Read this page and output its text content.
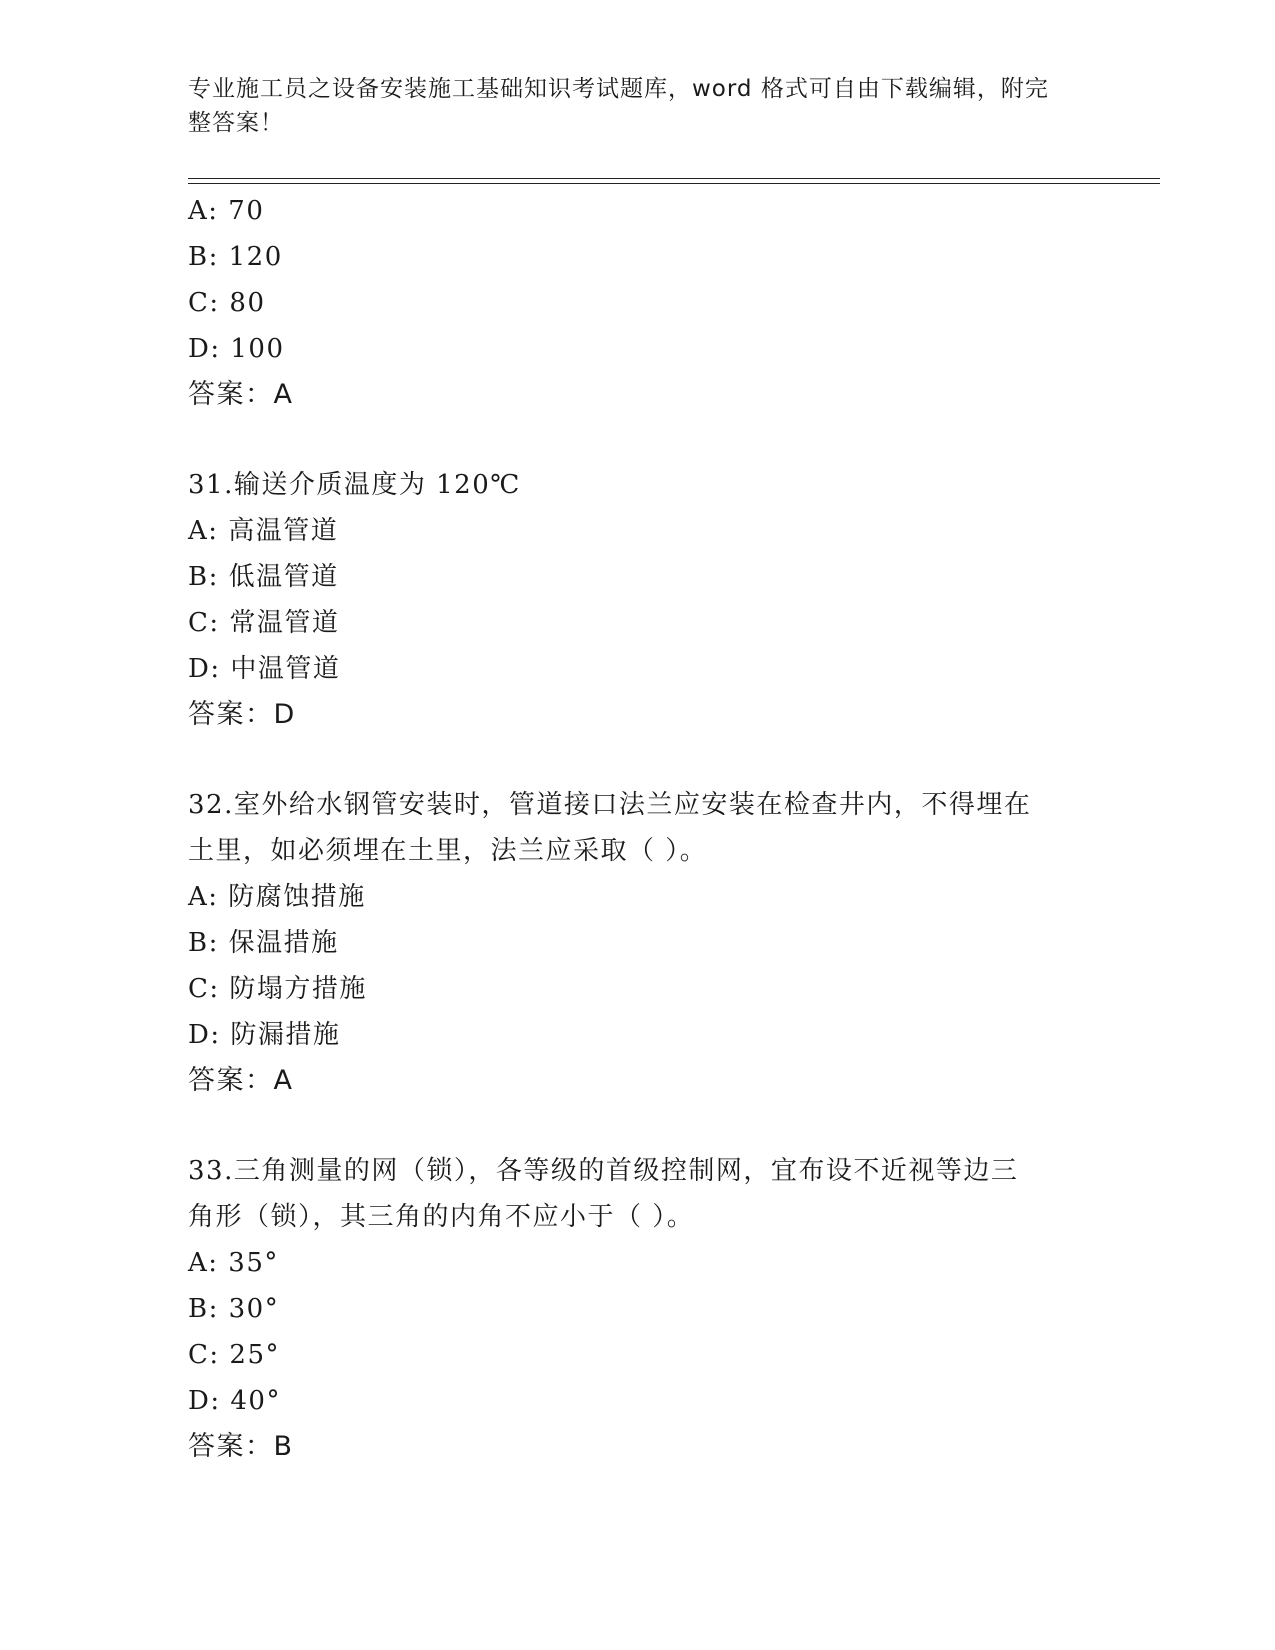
专业施工员之设备安装施工基础知识考试题库，word 格式可自由下载编辑，附完
整答案！
A: 70
B: 120
C: 80
D: 100
答案：A
31.输送介质温度为 120℃
A: 高温管道
B: 低温管道
C: 常温管道
D: 中温管道
答案：D
32.室外给水钢管安装时，管道接口法兰应安装在检查井内，不得埋在
土里，如必须埋在土里，法兰应采取（ ）。
A: 防腐蚀措施
B: 保温措施
C: 防塌方措施
D: 防漏措施
答案：A
33.三角测量的网（锁），各等级的首级控制网，宜布设不近视等边三
角形（锁），其三角的内角不应小于（ ）。
A: 35°
B: 30°
C: 25°
D: 40°
答案：B
